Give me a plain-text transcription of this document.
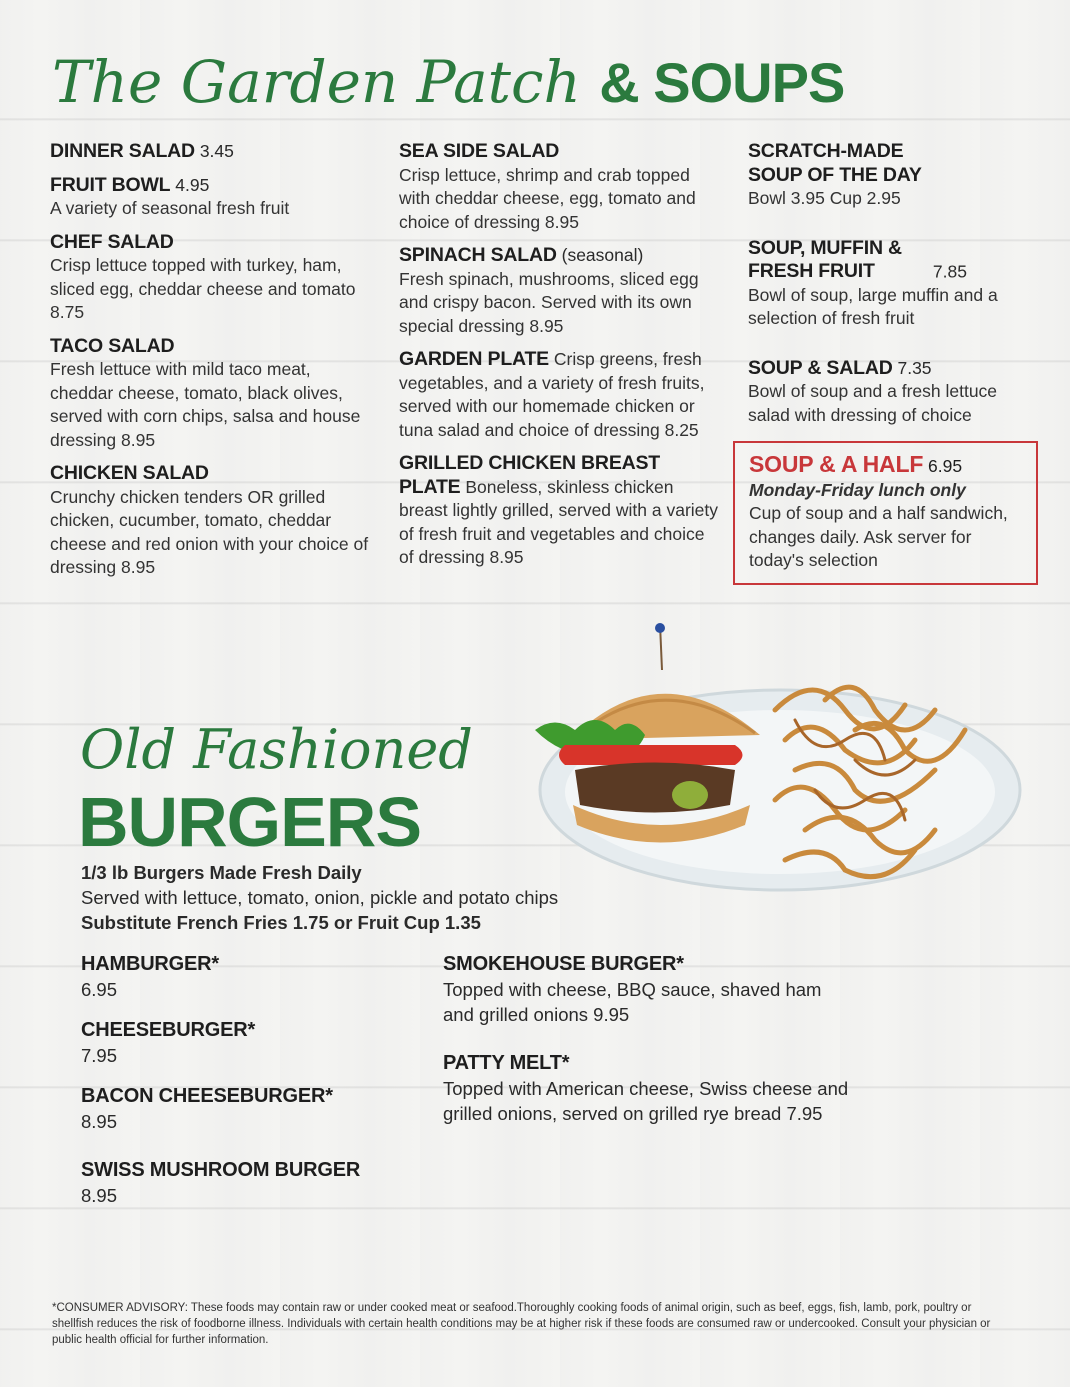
The Garden Patch & SOUPS
DINNER SALAD 3.45
FRUIT BOWL 4.95
A variety of seasonal fresh fruit
CHEF SALAD
Crisp lettuce topped with turkey, ham, sliced egg, cheddar cheese and tomato 8.75
TACO SALAD
Fresh lettuce with mild taco meat, cheddar cheese, tomato, black olives, served with corn chips, salsa and house dressing 8.95
CHICKEN SALAD
Crunchy chicken tenders OR grilled chicken, cucumber, tomato, cheddar cheese and red onion with your choice of dressing 8.95
SEA SIDE SALAD
Crisp lettuce, shrimp and crab topped with cheddar cheese, egg, tomato and choice of dressing 8.95
SPINACH SALAD (seasonal)
Fresh spinach, mushrooms, sliced egg and crispy bacon. Served with its own special dressing 8.95
GARDEN PLATE Crisp greens, fresh vegetables, and a variety of fresh fruits, served with our homemade chicken or tuna salad and choice of dressing 8.25
GRILLED CHICKEN BREAST PLATE Boneless, skinless chicken breast lightly grilled, served with a variety of fresh fruit and vegetables and choice of dressing 8.95
SCRATCH-MADE SOUP OF THE DAY
Bowl 3.95 Cup 2.95
SOUP, MUFFIN & FRESH FRUIT	7.85
Bowl of soup, large muffin and a selection of fresh fruit
SOUP & SALAD 7.35
Bowl of soup and a fresh lettuce salad with dressing of choice
SOUP & A HALF 6.95
Monday-Friday lunch only
Cup of soup and a half sandwich, changes daily. Ask server for today's selection
Old Fashioned
BURGERS
1/3 lb Burgers Made Fresh Daily
Served with lettuce, tomato, onion, pickle and potato chips
Substitute French Fries 1.75 or Fruit Cup 1.35
HAMBURGER*
6.95
CHEESEBURGER*
7.95
BACON CHEESEBURGER*
8.95
SWISS MUSHROOM BURGER
8.95
SMOKEHOUSE BURGER*
Topped with cheese, BBQ sauce, shaved ham and grilled onions 9.95
PATTY MELT*
Topped with American cheese, Swiss cheese and grilled onions, served on grilled rye bread 7.95
*CONSUMER ADVISORY: These foods may contain raw or under cooked meat or seafood.Thoroughly cooking foods of animal origin, such as beef, eggs, fish, lamb, pork, poultry or shellfish reduces the risk of foodborne illness. Individuals with certain health conditions may be at higher risk if these foods are consumed raw or undercooked. Consult your physician or public health official for further information.
